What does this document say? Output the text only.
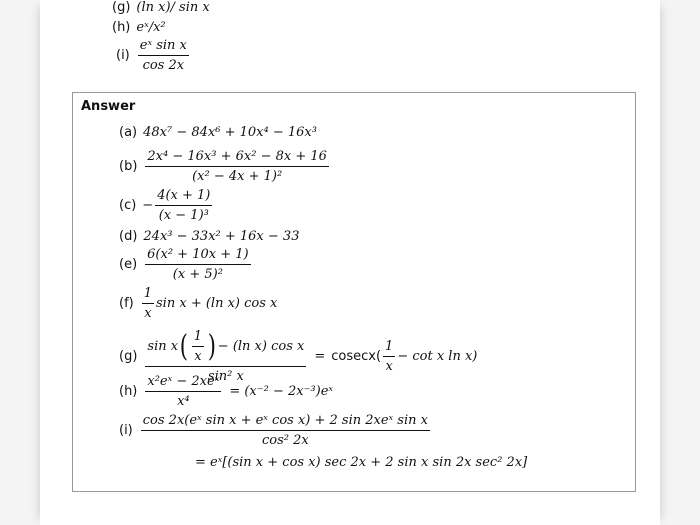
(g) (ln x)/ sin x
(h) eˣ/x²
$(i) \frac{\text{eˣ sin x}}{\cos 2x}$
Answer
(a) 48x⁷ − 84x⁶ + 10x⁴ − 16x³
$(b) \frac{\text{2x⁴ − 16x³ + 6x² − 8x + 16}}{\text{(x² − 4x + 1)²}}$
$(c) - \frac{4(x + 1)}{\text{(x − 1)³}}$
(d) 24x³ − 33x² + 16x − 33
$(e) \frac{\text{6(x² + 10x + 1)}}{\text{(x + 5)²}}$
$(f) \frac{1}{x}$ sin x + (ln x) cos x
(g)
sin x ( $\frac{1}{x}$ ) − (ln x) cos x
sin² x
= $cosecx( \frac{1}{x} - \cot x$ ln x)
$(h) \frac{\text{x²eˣ − 2xeˣ}}{\text{x⁴}} = (x^{-2}$ − 2x⁻³)eˣ
$(i) \frac{\text{cos 2x(eˣ sin x + eˣ cos x) + 2 sin 2xeˣ sin x}}{\text{cos² 2x}}$
= eˣ[(sin x + cos x) sec 2x + 2 sin x sin 2x sec² 2x]
